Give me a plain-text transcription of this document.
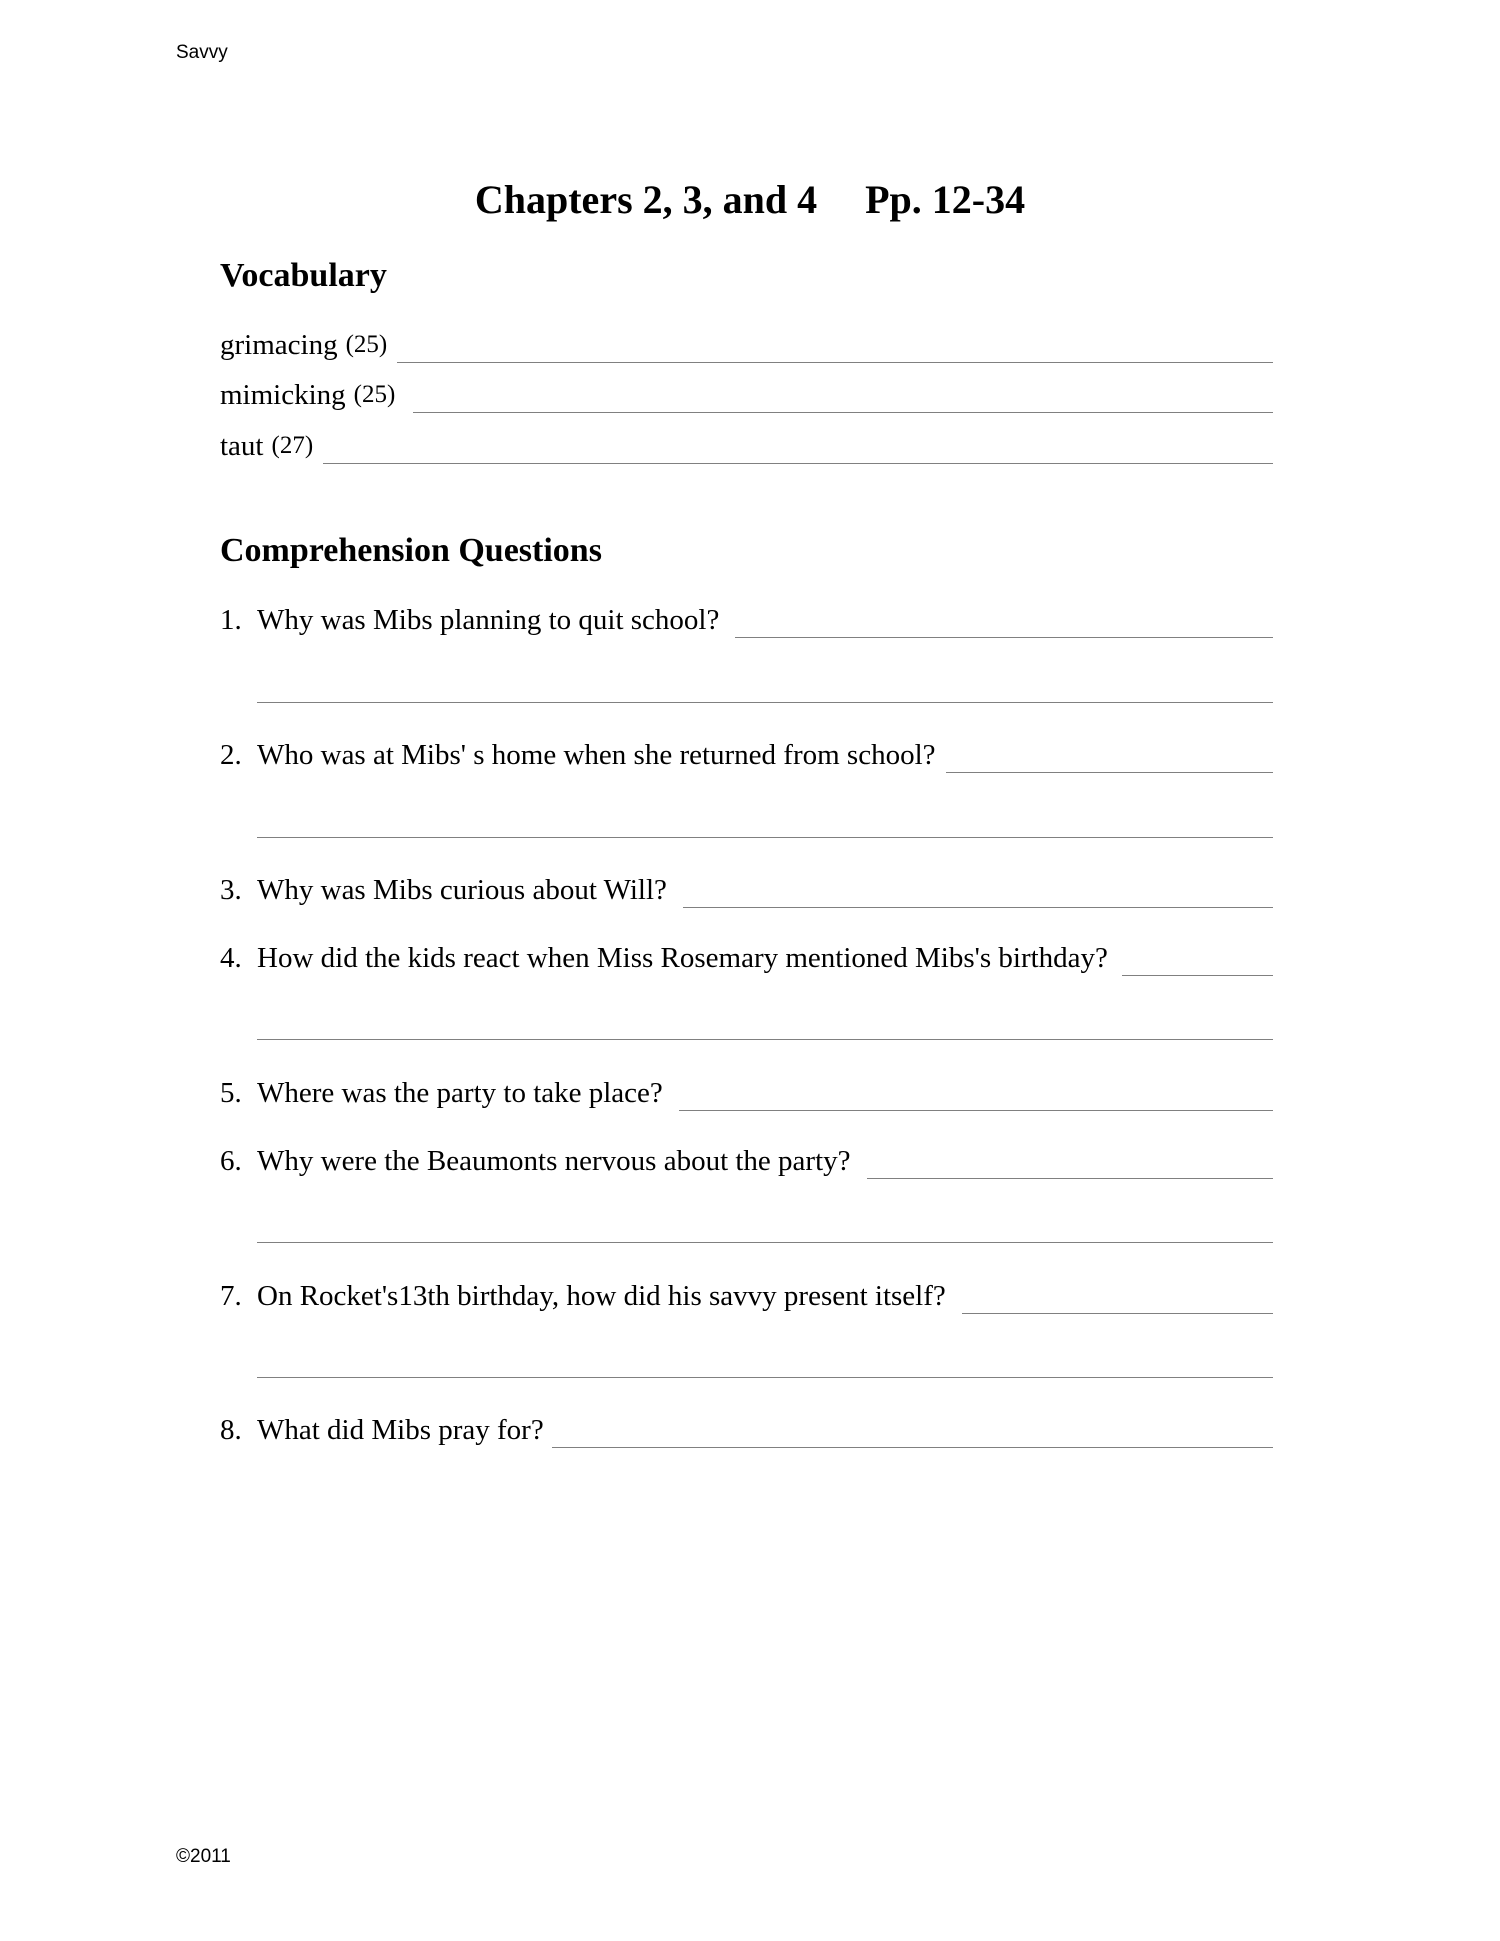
Savvy

Chapters 2, 3, and 4 Pp. 12-34
Vocabulary
grimacing (25)
mimicking (25)
taut (27)
Comprehension Questions
1. Why was Mibs planning to quit school?
2. Who was at Mibs' s home when she returned from school?
3. Why was Mibs curious about Will?
4. How did the kids react when Miss Rosemary mentioned Mibs's birthday?
5. Where was the party to take place?
6. Why were the Beaumonts nervous about the party?
7. On Rocket's13th birthday, how did his savvy present itself?
8. What did Mibs pray for?

©2011
